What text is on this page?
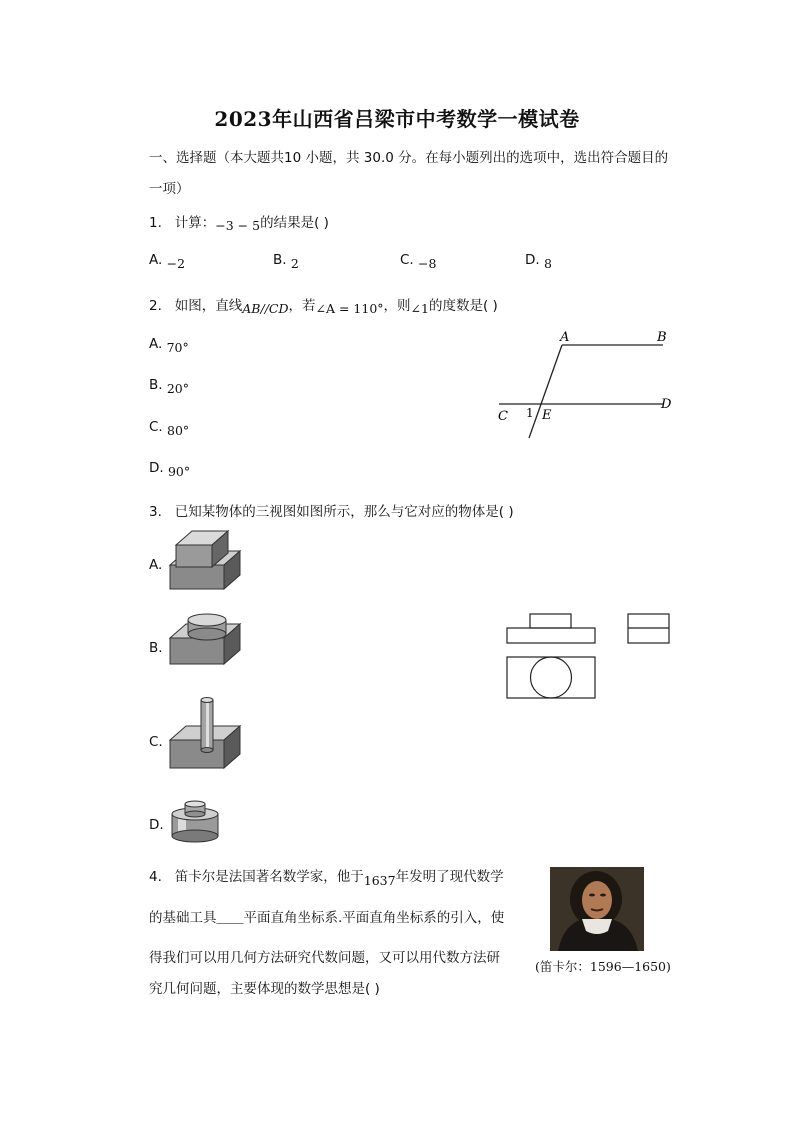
2023年山西省吕梁市中考数学一模试卷
一、选择题（本大题共10 小题，共 30.0 分。在每小题列出的选项中，选出符合题目的
一项）
1. 计算：−3 − 5的结果是( )
A. −2	B. 2	C. −8	D. 8
2. 如图，直线AB//CD，若∠A = 110°，则∠1的度数是( )
A. 70°
B. 20°
C. 80°
D. 90°
A	B
C
D
E
1
3. 已知某物体的三视图如图所示，那么与它对应的物体是( )
A.
B.
C.
D.
4. 笛卡尔是法国著名数学家，他于1637年发明了现代数学
的基础工具＿＿平面直角坐标系.平面直角坐标系的引入，使
得我们可以用几何方法研究代数问题，又可以用代数方法研
究几何问题，主要体现的数学思想是( )
(笛卡尔：1596—1650)
